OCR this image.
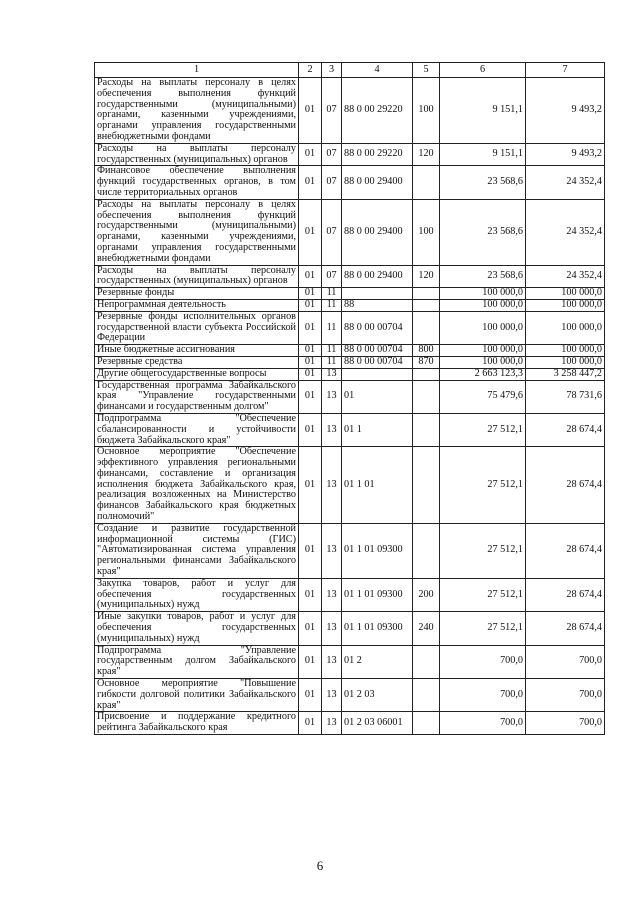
1	2	3	4	5	6	7
Расходы на выплаты персоналу в целях обеспечения выполнения функций государственными (муниципальными) органами, казенными учреждениями, органами управления государственными внебюджетными фондами	01	07	88 0 00 29220	100	9 151,1	9 493,2
Расходы на выплаты персоналу государственных (муниципальных) органов	01	07	88 0 00 29220	120	9 151,1	9 493,2
Финансовое обеспечение выполнения функций государственных органов, в том числе территориальных органов	01	07	88 0 00 29400		23 568,6	24 352,4
Расходы на выплаты персоналу в целях обеспечения выполнения функций государственными (муниципальными) органами, казенными учреждениями, органами управления государственными внебюджетными фондами	01	07	88 0 00 29400	100	23 568,6	24 352,4
Расходы на выплаты персоналу государственных (муниципальных) органов	01	07	88 0 00 29400	120	23 568,6	24 352,4
Резервные фонды	01	11			100 000,0	100 000,0
Непрограммная деятельность	01	11	88		100 000,0	100 000,0
Резервные фонды исполнительных органов государственной власти субъекта Российской Федерации	01	11	88 0 00 00704		100 000,0	100 000,0
Иные бюджетные ассигнования	01	11	88 0 00 00704	800	100 000,0	100 000,0
Резервные средства	01	11	88 0 00 00704	870	100 000,0	100 000,0
Другие общегосударственные вопросы	01	13			2 663 123,3	3 258 447,2
Государственная программа Забайкальского края "Управление государственными финансами и государственным долгом"	01	13	01		75 479,6	78 731,6
Подпрограмма "Обеспечение сбалансированности и устойчивости бюджета Забайкальского края"	01	13	01 1		27 512,1	28 674,4
Основное мероприятие "Обеспечение эффективного управления региональными финансами, составление и организация исполнения бюджета Забайкальского края, реализация возложенных на Министерство финансов Забайкальского края бюджетных полномочий"	01	13	01 1 01		27 512,1	28 674,4
Создание и развитие государственной информационной системы (ГИС) "Автоматизированная система управления региональными финансами Забайкальского края"	01	13	01 1 01 09300		27 512,1	28 674,4
Закупка товаров, работ и услуг для обеспечения государственных (муниципальных) нужд	01	13	01 1 01 09300	200	27 512,1	28 674,4
Иные закупки товаров, работ и услуг для обеспечения государственных (муниципальных) нужд	01	13	01 1 01 09300	240	27 512,1	28 674,4
Подпрограмма "Управление государственным долгом Забайкальского края"	01	13	01 2		700,0	700,0
Основное мероприятие "Повышение гибкости долговой политики Забайкальского края"	01	13	01 2 03		700,0	700,0
Присвоение и поддержание кредитного рейтинга Забайкальского края	01	13	01 2 03 06001		700,0	700,0
6
